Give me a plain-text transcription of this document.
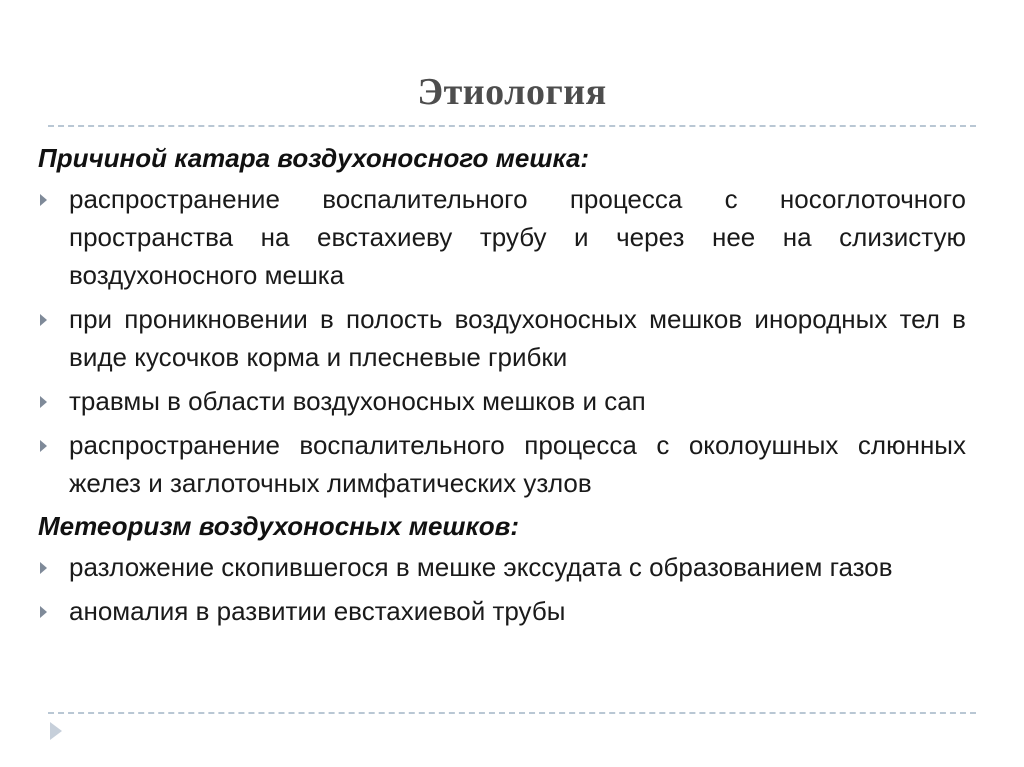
Этиология
Причиной катара воздухоносного мешка:
распространение воспалительного процесса с носоглоточного пространства на евстахиеву трубу и через нее на слизистую воздухоносного мешка
при проникновении в полость воздухоносных мешков инородных тел в виде кусочков корма и плесневые грибки
травмы в области воздухоносных мешков и сап
распространение воспалительного процесса с околоушных слюнных желез и заглоточных лимфатических узлов
Метеоризм воздухоносных мешков:
разложение скопившегося в мешке экссудата с образованием газов
аномалия в развитии евстахиевой трубы
